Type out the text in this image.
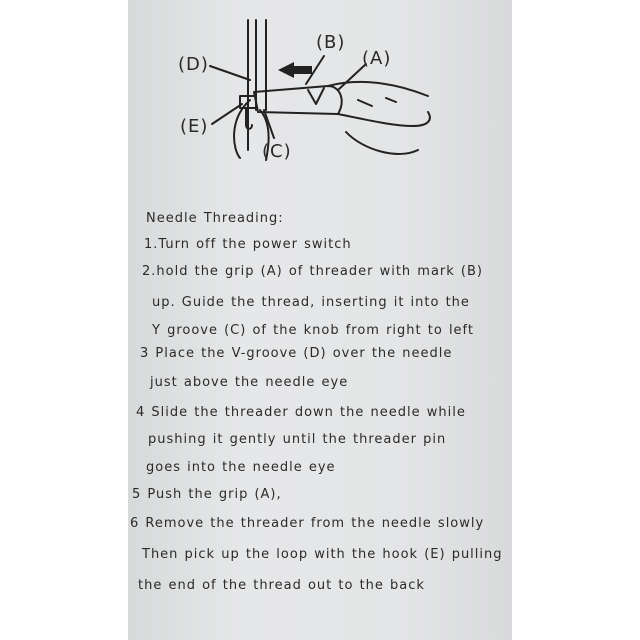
(D)
(B)
(A)
(E)
(C)
Needle Threading:
1.Turn off the power switch
2.hold the grip (A) of threader with mark (B)
up. Guide the thread, inserting it into the
Y groove (C) of the knob from right to left
3 Place the V-groove (D) over the needle
just above the needle eye
4 Slide the threader down the needle while
pushing it gently until the threader pin
goes into the needle eye
5 Push the grip (A),
6 Remove the threader from the needle slowly
Then pick up the loop with the hook (E) pulling
the end of the thread out to the back
